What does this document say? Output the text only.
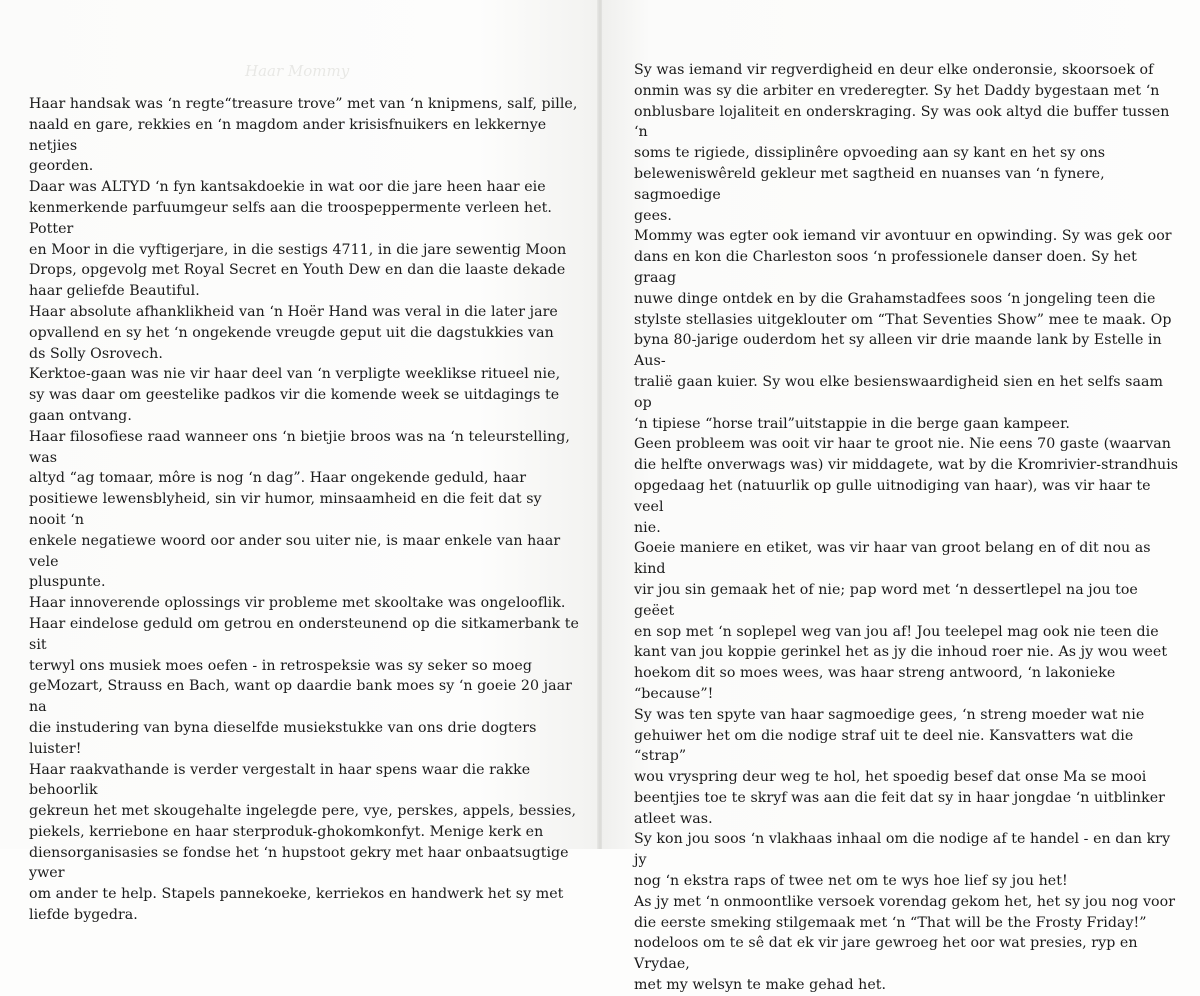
Haar Mommy

Haar handsak was ‘n regte“treasure trove” met van ‘n knipmens, salf, pille,

naald en gare, rekkies en ‘n magdom ander krisisfnuikers en lekkernye netjies

georden.

Daar was ALTYD ‘n fyn kantsakdoekie in wat oor die jare heen haar eie

kenmerkende parfuumgeur selfs aan die troospeppermente verleen het. Potter

en Moor in die vyftigerjare, in die sestigs 4711, in die jare sewentig Moon

Drops, opgevolg met Royal Secret en Youth Dew en dan die laaste dekade

haar geliefde Beautiful.

Haar absolute afhanklikheid van ‘n Hoër Hand was veral in die later jare

opvallend en sy het ‘n ongekende vreugde geput uit die dagstukkies van

ds Solly Osrovech.

Kerktoe-gaan was nie vir haar deel van ‘n verpligte weeklikse ritueel nie,

sy was daar om geestelike padkos vir die komende week se uitdagings te

gaan ontvang.

Haar filosofiese raad wanneer ons ‘n bietjie broos was na ‘n teleurstelling, was

altyd “ag tomaar, môre is nog ‘n dag”. Haar ongekende geduld, haar

positiewe lewensblyheid, sin vir humor, minsaamheid en die feit dat sy nooit ‘n

enkele negatiewe woord oor ander sou uiter nie, is maar enkele van haar vele

pluspunte.

Haar innoverende oplossings vir probleme met skooltake was ongelooflik.

Haar eindelose geduld om getrou en ondersteunend op die sitkamerbank te sit

terwyl ons musiek moes oefen - in retrospeksie was sy seker so moeg

geMozart, Strauss en Bach, want op daardie bank moes sy ‘n goeie 20 jaar na

die instudering van byna dieselfde musiekstukke van ons drie dogters luister!

Haar raakvathande is verder vergestalt in haar spens waar die rakke behoorlik

gekreun het met skougehalte ingelegde pere, vye, perskes, appels, bessies,

piekels, kerriebone en haar sterproduk-ghokomkonfyt. Menige kerk en

diensorganisasies se fondse het ‘n hupstoot gekry met haar onbaatsugtige ywer

om ander te help. Stapels pannekoeke, kerriekos en handwerk het sy met

liefde bygedra.

Sy was iemand vir regverdigheid en deur elke onderonsie, skoorsoek of

onmin was sy die arbiter en vrederegter. Sy het Daddy bygestaan met ‘n

onblusbare lojaliteit en onderskraging. Sy was ook altyd die buffer tussen ‘n

soms te rigiede, dissiplinêre opvoeding aan sy kant en het sy ons

beleweniswêreld gekleur met sagtheid en nuanses van ‘n fynere, sagmoedige

gees.

Mommy was egter ook iemand vir avontuur en opwinding. Sy was gek oor

dans en kon die Charleston soos ‘n professionele danser doen. Sy het graag

nuwe dinge ontdek en by die Grahamstadfees soos ‘n jongeling teen die

stylste stellasies uitgeklouter om “That Seventies Show” mee te maak. Op

byna 80-jarige ouderdom het sy alleen vir drie maande lank by Estelle in Aus-

tralië gaan kuier. Sy wou elke besienswaardigheid sien en het selfs saam op

‘n tipiese “horse trail”uitstappie in die berge gaan kampeer.

Geen probleem was ooit vir haar te groot nie. Nie eens 70 gaste (waarvan

die helfte onverwags was) vir middagete, wat by die Kromrivier-strandhuis

opgedaag het (natuurlik op gulle uitnodiging van haar), was vir haar te veel

nie.

Goeie maniere en etiket, was vir haar van groot belang en of dit nou as kind

vir jou sin gemaak het of nie; pap word met ‘n dessertlepel na jou toe geëet

en sop met ‘n soplepel weg van jou af! Jou teelepel mag ook nie teen die

kant van jou koppie gerinkel het as jy die inhoud roer nie. As jy wou weet

hoekom dit so moes wees, was haar streng antwoord, ‘n lakonieke “because”!

Sy was ten spyte van haar sagmoedige gees, ‘n streng moeder wat nie

gehuiwer het om die nodige straf uit te deel nie. Kansvatters wat die “strap”

wou vryspring deur weg te hol, het spoedig besef dat onse Ma se mooi

beentjies toe te skryf was aan die feit dat sy in haar jongdae ‘n uitblinker

atleet was.

Sy kon jou soos ‘n vlakhaas inhaal om die nodige af te handel - en dan kry jy

nog ‘n ekstra raps of twee net om te wys hoe lief sy jou het!

As jy met ‘n onmoontlike versoek vorendag gekom het, het sy jou nog voor

die eerste smeking stilgemaak met ‘n “That will be the Frosty Friday!”

nodeloos om te sê dat ek vir jare gewroeg het oor wat presies, ryp en Vrydae,

met my welsyn te make gehad het.
